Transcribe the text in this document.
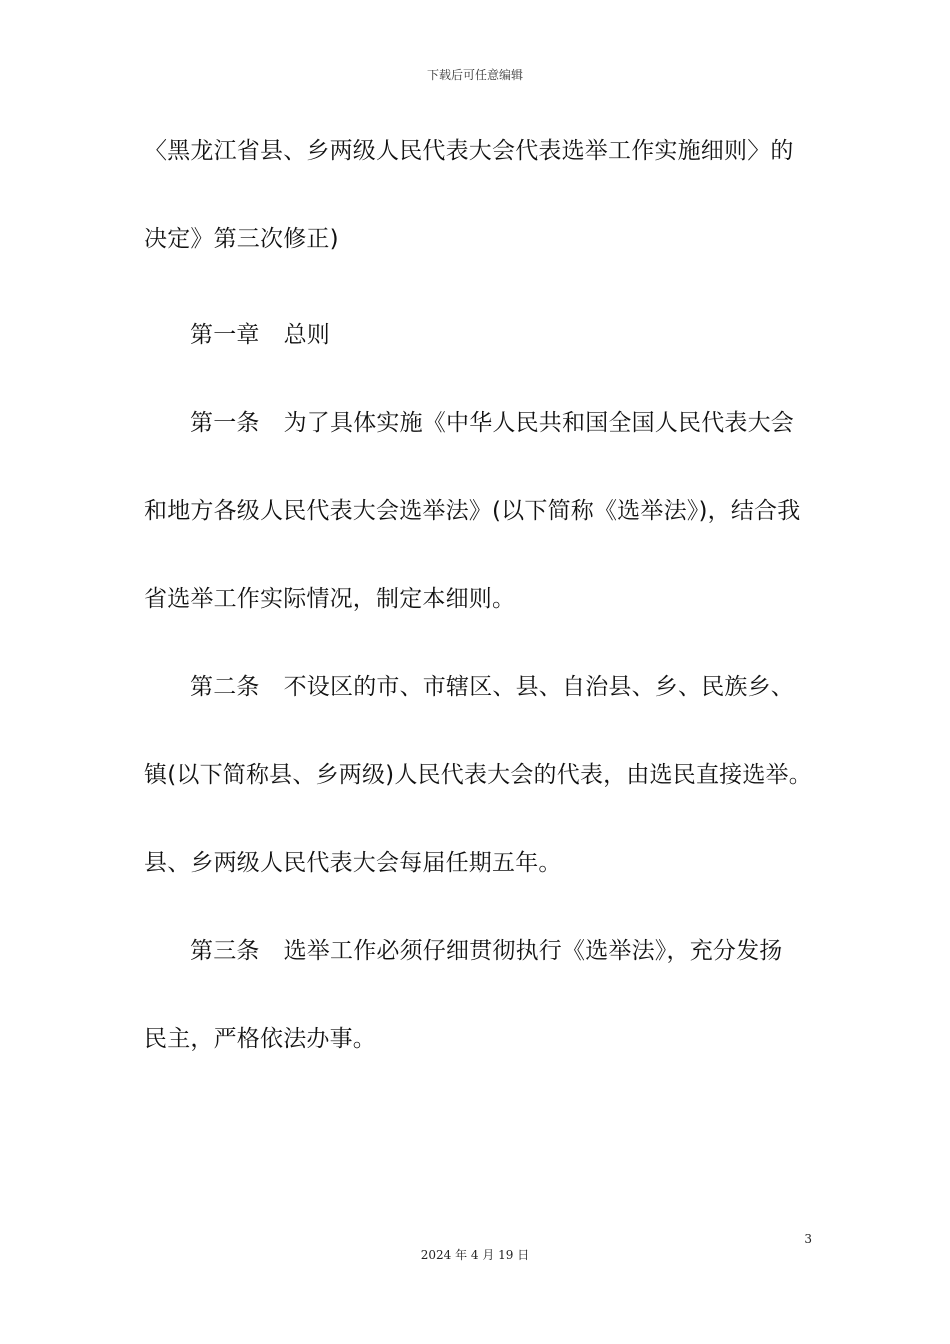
下载后可任意编辑
〈黑龙江省县、乡两级人民代表大会代表选举工作实施细则〉的
决定》第三次修正)
第一章 总则
第一条 为了具体实施《中华人民共和国全国人民代表大会
和地方各级人民代表大会选举法》(以下简称《选举法》)，结合我
省选举工作实际情况，制定本细则。
第二条 不设区的市、市辖区、县、自治县、乡、民族乡、
镇(以下简称县、乡两级)人民代表大会的代表，由选民直接选举。
县、乡两级人民代表大会每届任期五年。
第三条 选举工作必须仔细贯彻执行《选举法》，充分发扬
民主，严格依法办事。
3
2024 年 4 月 19 日
